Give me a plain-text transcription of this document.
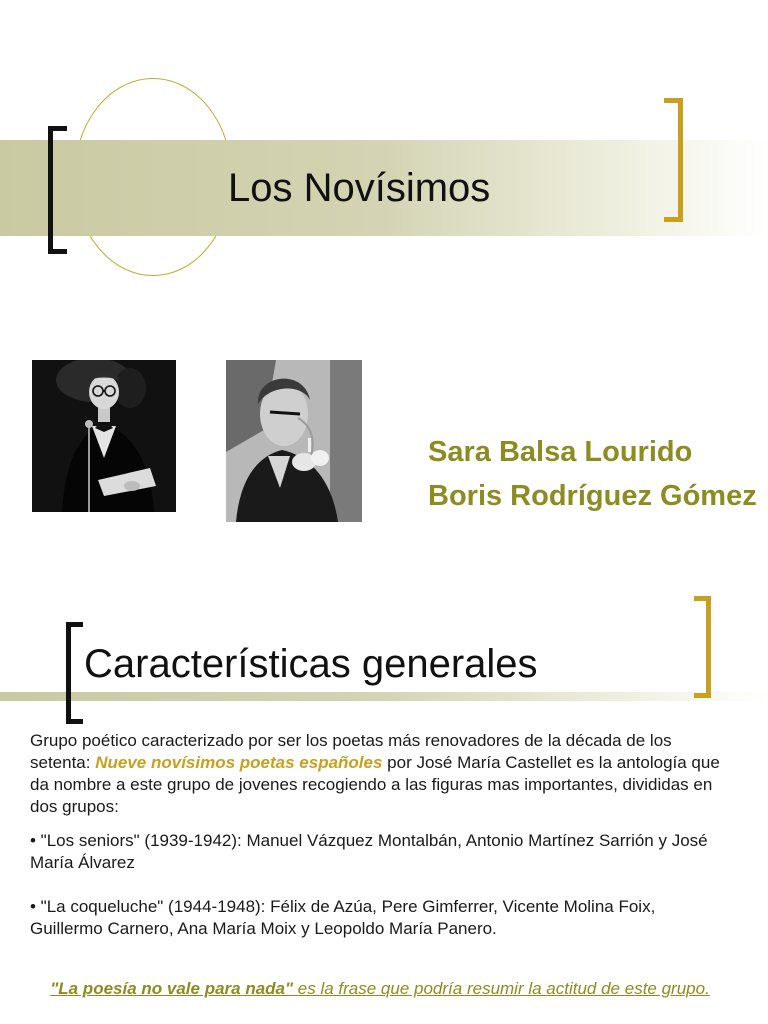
Los Novísimos
Sara Balsa Lourido
Boris Rodríguez Gómez
Características generales

Grupo poético caracterizado por ser los poetas más renovadores de la década de los setenta: Nueve novísimos poetas españoles por José María Castellet es la antología que da nombre a este grupo de jovenes recogiendo a las figuras mas importantes, divididas en dos grupos:

• "Los seniors" (1939-1942): Manuel Vázquez Montalbán, Antonio Martínez Sarrión y José María Álvarez

• "La coqueluche" (1944-1948): Félix de Azúa, Pere Gimferrer, Vicente Molina Foix, Guillermo Carnero, Ana María Moix y Leopoldo María Panero.

"La poesía no vale para nada" es la frase que podría resumir la actitud de este grupo.
